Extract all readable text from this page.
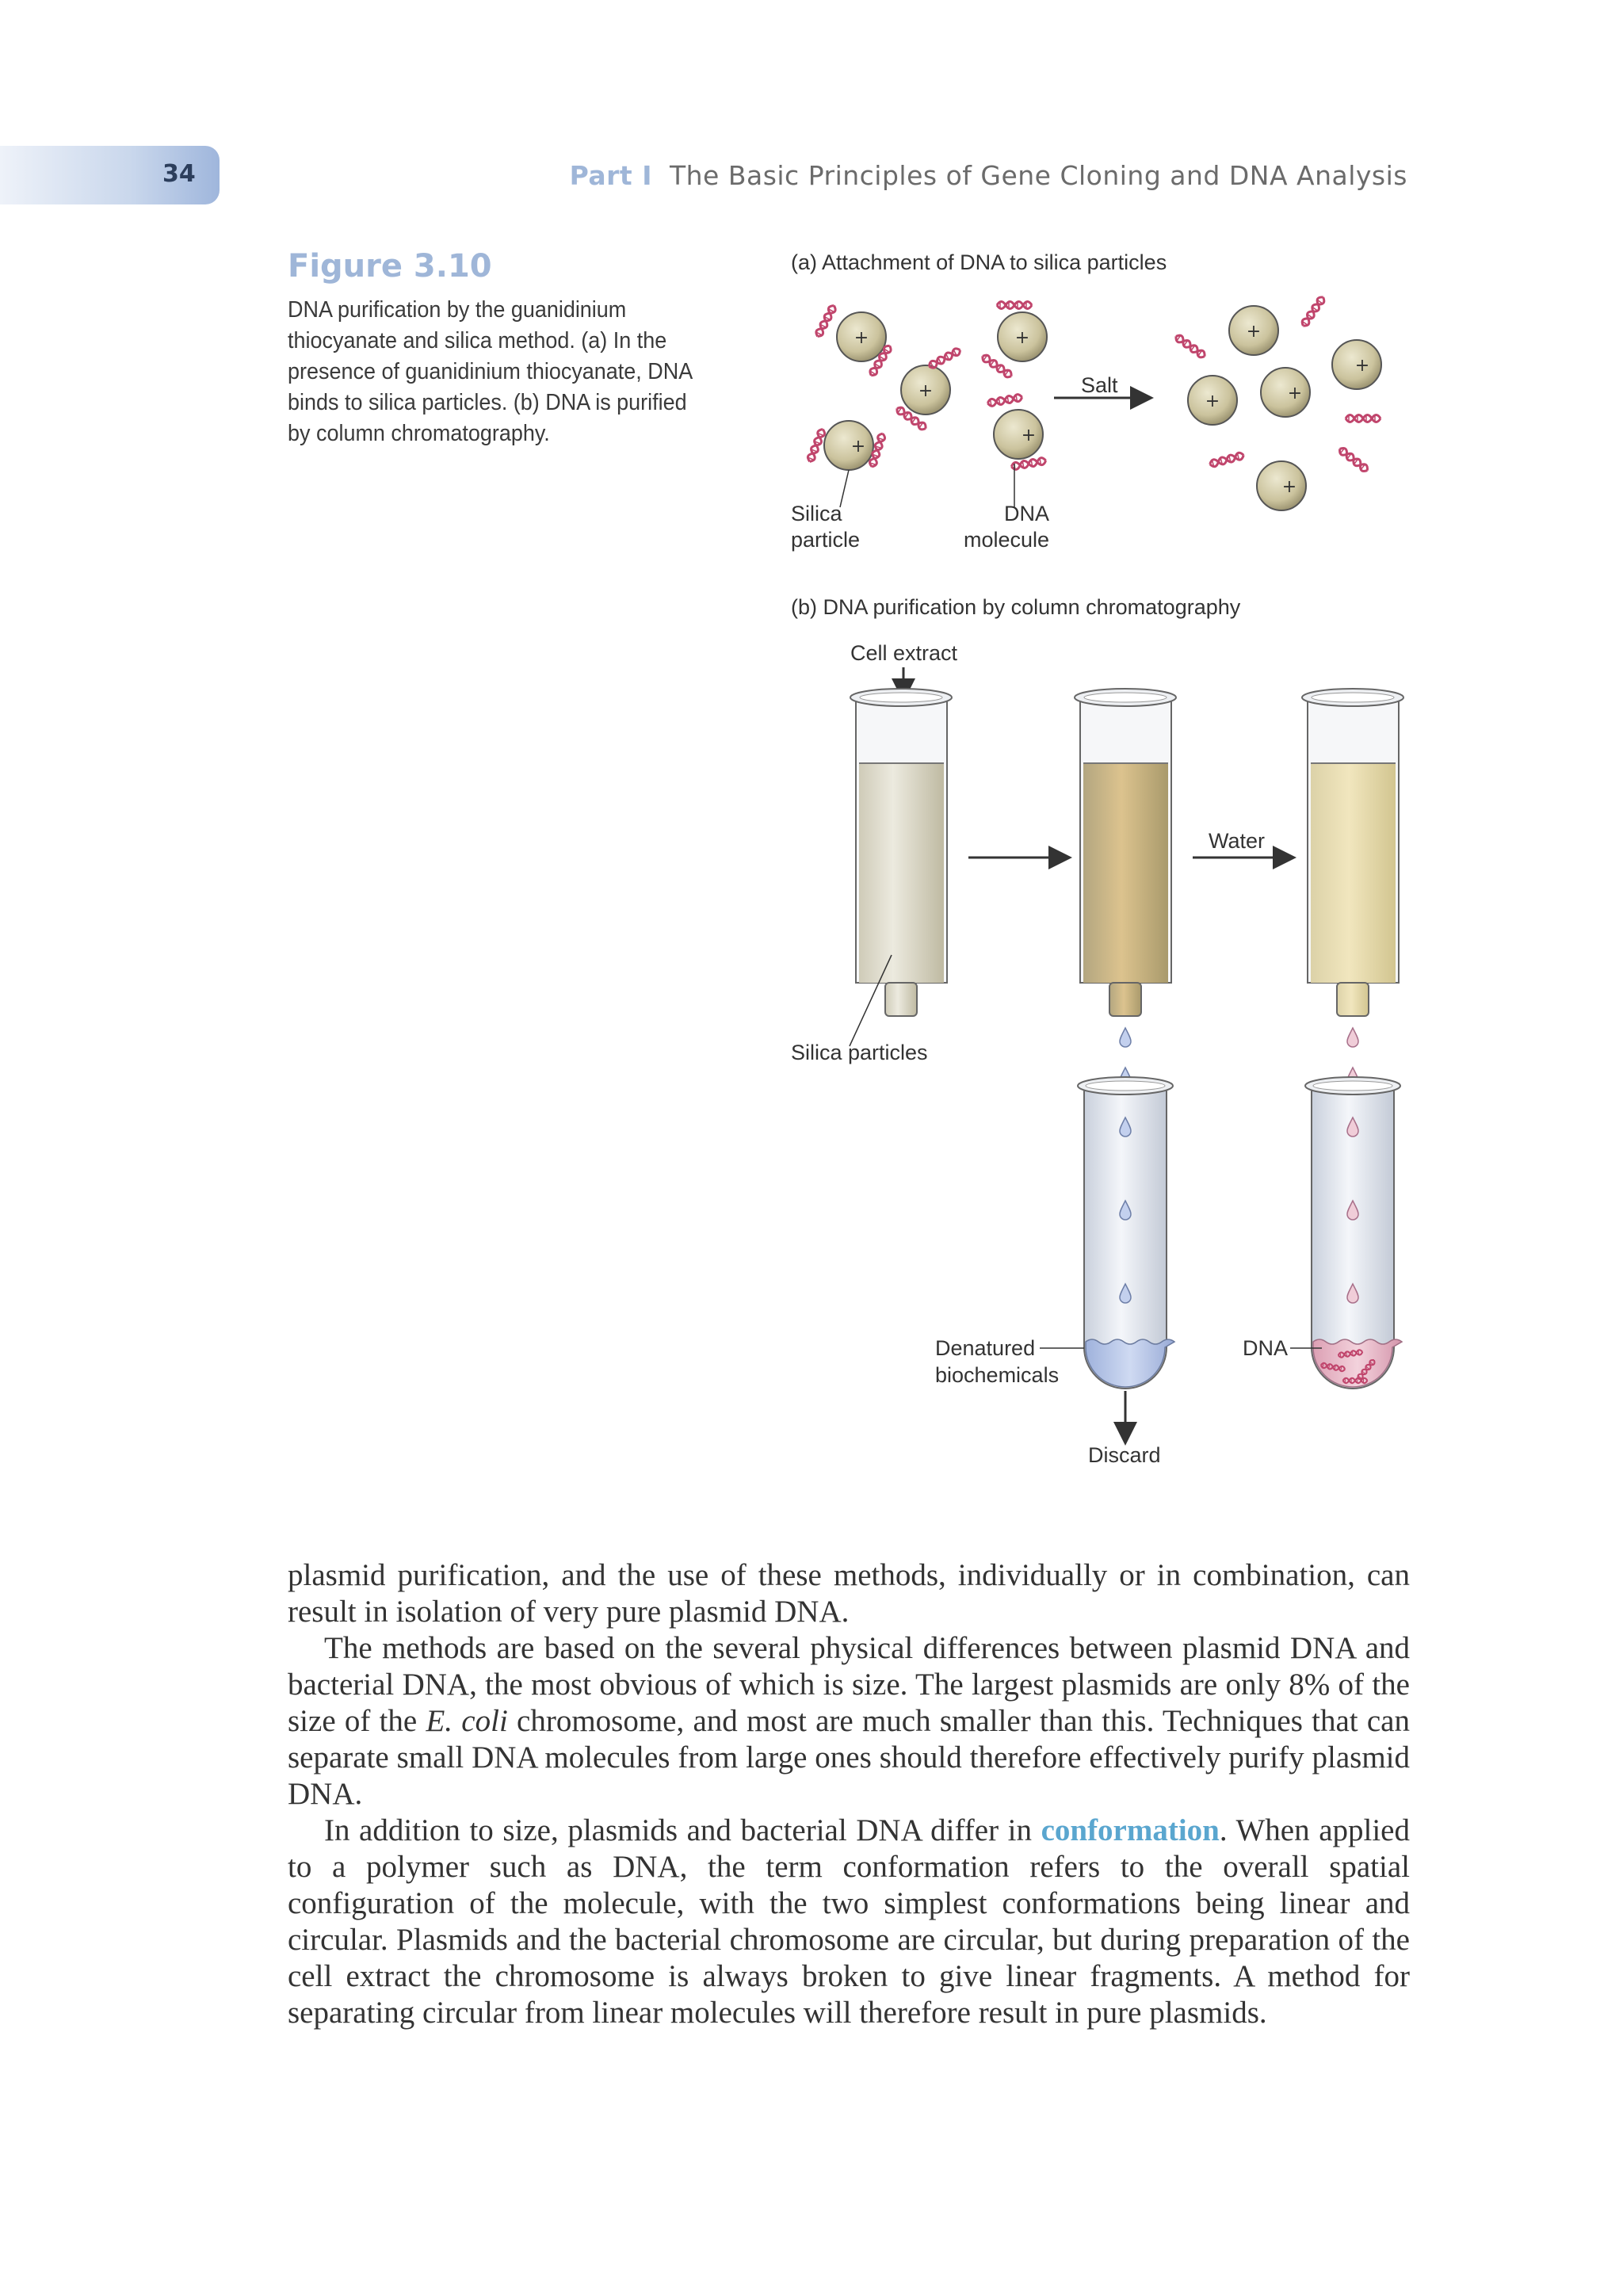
34	Part I The Basic Principles of Gene Cloning and DNA Analysis
Figure 3.10
DNA purification by the guanidinium thiocyanate and silica method. (a) In the presence of guanidinium thiocyanate, DNA binds to silica particles. (b) DNA is purified by column chromatography.
(a) Attachment of DNA to silica particles
+	+
+
+
+
Silica
particle
DNA
molecule
Salt
+
+
+	+
+
(b) DNA purification by column chromatography
Cell extract
Silica particles
Water
Denatured
biochemicals
DNA
Discard

plasmid purification, and the use of these methods, individually or in combination, can result in isolation of very pure plasmid DNA.

The methods are based on the several physical differences between plasmid DNA and bacterial DNA, the most obvious of which is size. The largest plasmids are only 8% of the size of the E. coli chromosome, and most are much smaller than this. Techniques that can separate small DNA molecules from large ones should therefore effectively purify plasmid DNA.

In addition to size, plasmids and bacterial DNA differ in conformation. When applied to a polymer such as DNA, the term conformation refers to the overall spatial configuration of the molecule, with the two simplest conformations being linear and circular. Plasmids and the bacterial chromosome are circular, but during preparation of the cell extract the chromosome is always broken to give linear fragments. A method for separating circular from linear molecules will therefore result in pure plasmids.
